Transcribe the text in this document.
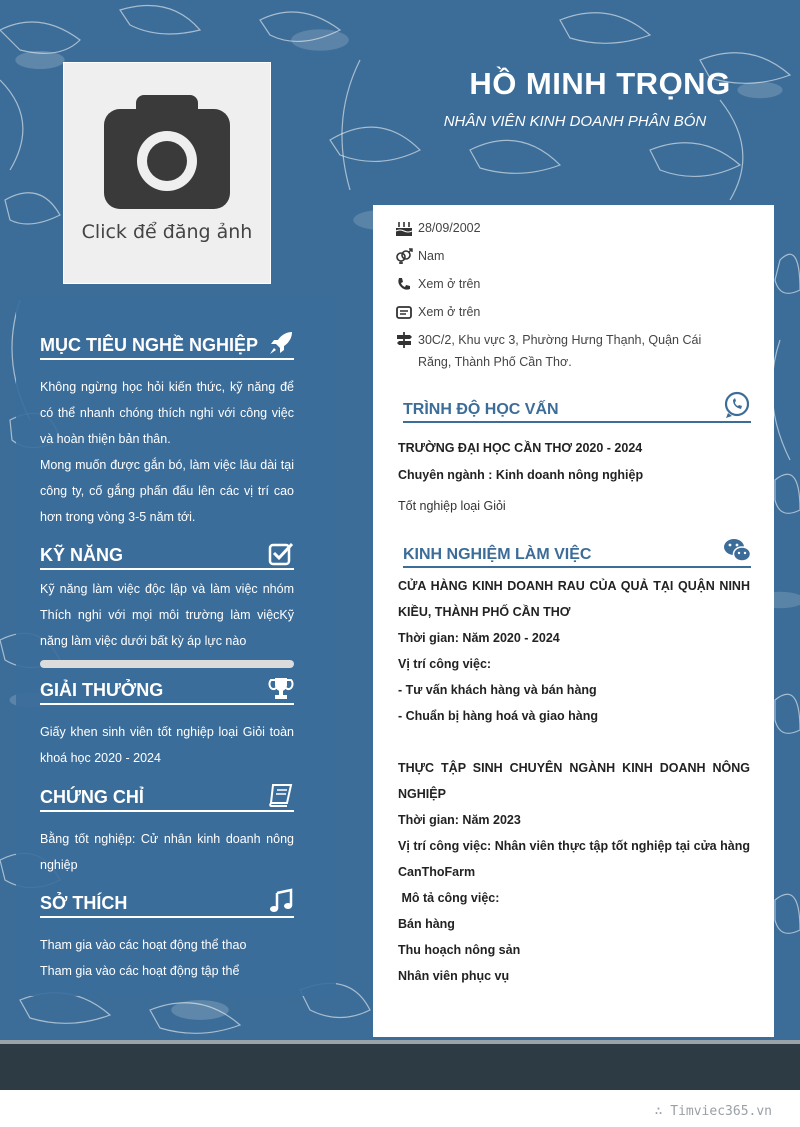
Click để đăng ảnh
HỒ MINH TRỌNG
NHÂN VIÊN KINH DOANH PHÂN BÓN
MỤC TIÊU NGHỀ NGHIỆP

Không ngừng học hỏi kiến thức, kỹ năng để có thể nhanh chóng thích nghi với công việc và hoàn thiện bản thân.

Mong muốn được gắn bó, làm việc lâu dài tại công ty, cố gắng phấn đấu lên các vị trí cao hơn trong vòng 3-5 năm tới.

KỸ NĂNG

Kỹ năng làm việc độc lập và làm việc nhóm Thích nghi với mọi môi trường làm việcKỹ năng làm việc dưới bất kỳ áp lực nào

GIẢI THƯỞNG

Giấy khen sinh viên tốt nghiệp loại Giỏi toàn khoá học 2020 - 2024

CHỨNG CHỈ

Bằng tốt nghiệp: Cử nhân kinh doanh nông nghiệp

SỞ THÍCH

Tham gia vào các hoạt động thể thao

Tham gia vào các hoạt động tập thể

28/09/2002
Nam
Xem ở trên
Xem ở trên
30C/2, Khu vực 3, Phường Hưng Thạnh, Quận Cái Răng, Thành Phố Cần Thơ.
TRÌNH ĐỘ HỌC VẤN
TRƯỜNG ĐẠI HỌC CẦN THƠ 2020 - 2024
Chuyên ngành : Kinh doanh nông nghiệp
Tốt nghiệp loại Giỏi
KINH NGHIỆM LÀM VIỆC
CỬA HÀNG KINH DOANH RAU CỦA QUẢ TẠI QUẬN NINH KIỀU, THÀNH PHỐ CẦN THƠ
Thời gian: Năm 2020 - 2024
Vị trí công việc:
- Tư vấn khách hàng và bán hàng
- Chuẩn bị hàng hoá và giao hàng
THỰC TẬP SINH CHUYÊN NGÀNH KINH DOANH NÔNG NGHIỆP
Thời gian: Năm 2023
Vị trí công việc: Nhân viên thực tập tốt nghiệp tại cửa hàng CanThoFarm
Mô tả công việc:
Bán hàng
Thu hoạch nông sản
Nhân viên phục vụ
∴ Timviec365.vn
